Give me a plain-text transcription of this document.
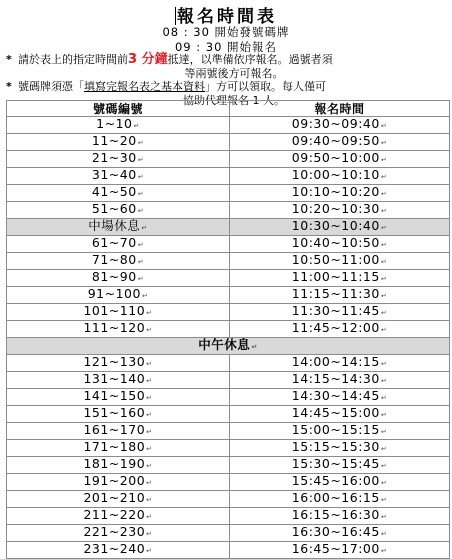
報名時間表
08 : 30 開始發號碼牌
09 : 30 開始報名
* 請於表上的指定時間前3 分鐘抵達，以準備依序報名。過號者須
等兩號後方可報名。
* 號碼牌須憑「填寫完報名表之基本資料」方可以領取。每人僅可
協助代理報名 1 人。
號碼編號	報名時間
1~10 ↵	09:30~09:40 ↵
11~20 ↵	09:40~09:50 ↵
21~30 ↵	09:50~10:00 ↵
31~40 ↵	10:00~10:10 ↵
41~50 ↵	10:10~10:20 ↵
51~60 ↵	10:20~10:30 ↵
中場休息 ↵	10:30~10:40 ↵
61~70 ↵	10:40~10:50 ↵
71~80 ↵	10:50~11:00 ↵
81~90 ↵	11:00~11:15 ↵
91~100 ↵	11:15~11:30 ↵
101~110 ↵	11:30~11:45 ↵
111~120 ↵	11:45~12:00 ↵
中午休息 ↵
121~130 ↵	14:00~14:15 ↵
131~140 ↵	14:15~14:30 ↵
141~150 ↵	14:30~14:45 ↵
151~160 ↵	14:45~15:00 ↵
161~170 ↵	15:00~15:15 ↵
171~180 ↵	15:15~15:30 ↵
181~190 ↵	15:30~15:45 ↵
191~200 ↵	15:45~16:00 ↵
201~210 ↵	16:00~16:15 ↵
211~220 ↵	16:15~16:30 ↵
221~230 ↵	16:30~16:45 ↵
231~240 ↵	16:45~17:00 ↵
